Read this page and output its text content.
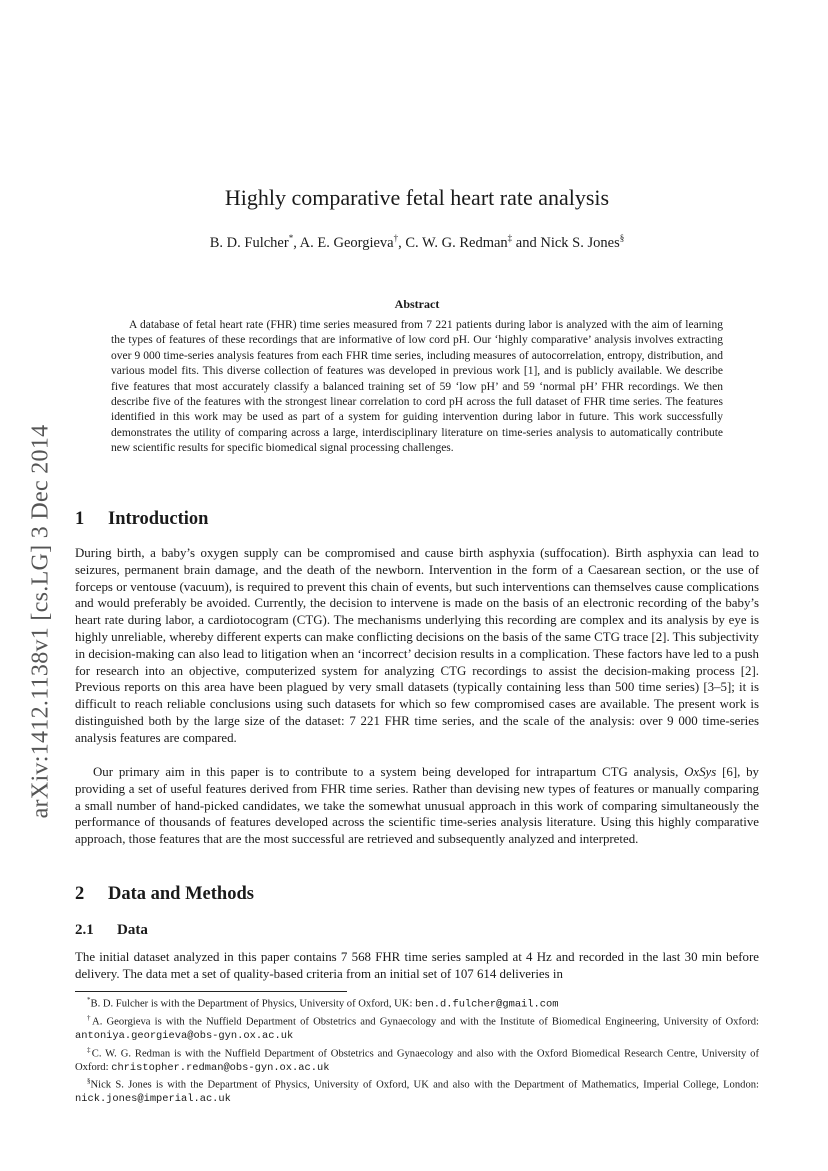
arXiv:1412.1138v1 [cs.LG] 3 Dec 2014
Highly comparative fetal heart rate analysis
B. D. Fulcher*, A. E. Georgieva†, C. W. G. Redman‡ and Nick S. Jones§
Abstract

A database of fetal heart rate (FHR) time series measured from 7 221 patients during labor is analyzed with the aim of learning the types of features of these recordings that are informative of low cord pH. Our ‘highly comparative’ analysis involves extracting over 9 000 time-series analysis features from each FHR time series, including measures of autocorrelation, entropy, distribution, and various model fits. This diverse collection of features was developed in previous work [1], and is publicly available. We describe five features that most accurately classify a balanced training set of 59 ‘low pH’ and 59 ‘normal pH’ FHR recordings. We then describe five of the features with the strongest linear correlation to cord pH across the full dataset of FHR time series. The features identified in this work may be used as part of a system for guiding intervention during labor in future. This work successfully demonstrates the utility of comparing across a large, interdisciplinary literature on time-series analysis to automatically contribute new scientific results for specific biomedical signal processing challenges.

1 Introduction

During birth, a baby’s oxygen supply can be compromised and cause birth asphyxia (suffocation). Birth asphyxia can lead to seizures, permanent brain damage, and the death of the newborn. Intervention in the form of a Caesarean section, or the use of forceps or ventouse (vacuum), is required to prevent this chain of events, but such interventions can themselves cause complications and would preferably be avoided. Currently, the decision to intervene is made on the basis of an electronic recording of the baby’s heart rate during labor, a cardiotocogram (CTG). The mechanisms underlying this recording are complex and its analysis by eye is highly unreliable, whereby different experts can make conflicting decisions on the basis of the same CTG trace [2]. This subjectivity in decision-making can also lead to litigation when an ‘incorrect’ decision results in a complication. These factors have led to a push for research into an objective, computerized system for analyzing CTG recordings to assist the decision-making process [2]. Previous reports on this area have been plagued by very small datasets (typically containing less than 500 time series) [3–5]; it is difficult to reach reliable conclusions using such datasets for which so few compromised cases are available. The present work is distinguished both by the large size of the dataset: 7 221 FHR time series, and the scale of the analysis: over 9 000 time-series analysis features are compared.

Our primary aim in this paper is to contribute to a system being developed for intrapartum CTG analysis, OxSys [6], by providing a set of useful features derived from FHR time series. Rather than devising new types of features or manually comparing a small number of hand-picked candidates, we take the somewhat unusual approach in this work of comparing simultaneously the performance of thousands of features developed across the scientific time-series analysis literature. Using this highly comparative approach, those features that are the most successful are retrieved and subsequently analyzed and interpreted.

2 Data and Methods
2.1 Data

The initial dataset analyzed in this paper contains 7 568 FHR time series sampled at 4 Hz and recorded in the last 30 min before delivery. The data met a set of quality-based criteria from an initial set of 107 614 deliveries in

*B. D. Fulcher is with the Department of Physics, University of Oxford, UK: ben.d.fulcher@gmail.com

†A. Georgieva is with the Nuffield Department of Obstetrics and Gynaecology and with the Institute of Biomedical Engineering, University of Oxford: antoniya.georgieva@obs-gyn.ox.ac.uk

‡C. W. G. Redman is with the Nuffield Department of Obstetrics and Gynaecology and also with the Oxford Biomedical Research Centre, University of Oxford: christopher.redman@obs-gyn.ox.ac.uk

§Nick S. Jones is with the Department of Physics, University of Oxford, UK and also with the Department of Mathematics, Imperial College, London: nick.jones@imperial.ac.uk
